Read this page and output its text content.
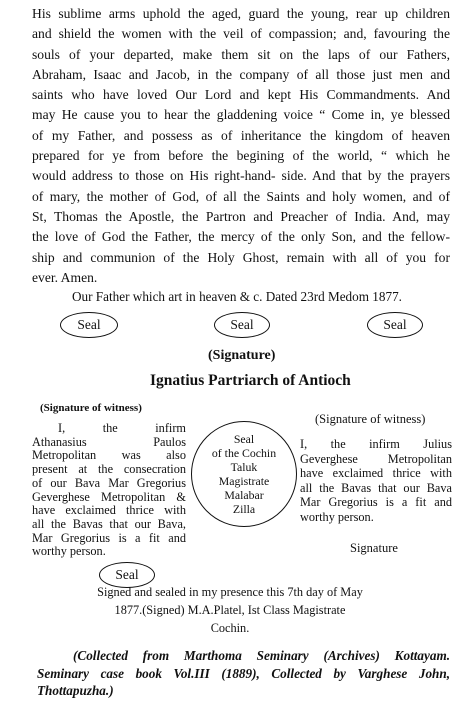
His sublime arms uphold the aged, guard the young, rear up children
and shield the women with the veil of compassion; and, favouring the
souls of your departed, make them sit on the laps of our Fathers,
Abraham, Isaac and Jacob, in the company of all those just men and
saints who have loved Our Lord and kept His Commandments. And
may He cause you to hear the gladdening voice “ Come in, ye blessed
of my Father, and possess as of inheritance the kingdom of heaven
prepared for ye from before the begining of the world, “ which he
would address to those on His right-hand- side. And that by the prayers
of mary, the mother of God, of all the Saints and holy women, and of
St, Thomas the Apostle, the Partron and Preacher of India. And, may
the love of God the Father, the mercy of the only Son, and the fellow-
ship and communion of the Holy Ghost, remain with all of you for
ever. Amen.
Our Father which art in heaven & c. Dated 23rd Medom 1877.
Seal	Seal	Seal
(Signature)
Ignatius Partriarch of Antioch
(Signature of witness)
(Signature of witness)
I, the infirm
Athanasius Paulos
Metropolitan was also
present at the consecration
of our Bava Mar Gregorius
Geverghese Metropolitan &
have exclaimed thrice with
all the Bavas that our Bava,
Mar Gregorius is a fit and
worthy person.
Seal
of the Cochin
Taluk
Magistrate
Malabar
Zilla
I, the infirm Julius
Geverghese Metropolitan
have exclaimed thrice with
all the Bavas that our Bava
Mar Gregorius is a fit and
worthy person.
Signature
Seal
Signed and sealed in my presence this 7th day of May
1877.(Signed) M.A.Platel, Ist Class Magistrate
Cochin.
(Collected from Marthoma Seminary (Archives) Kottayam.
Seminary case book Vol.III (1889), Collected by Varghese John,
Thottapuzha.)
